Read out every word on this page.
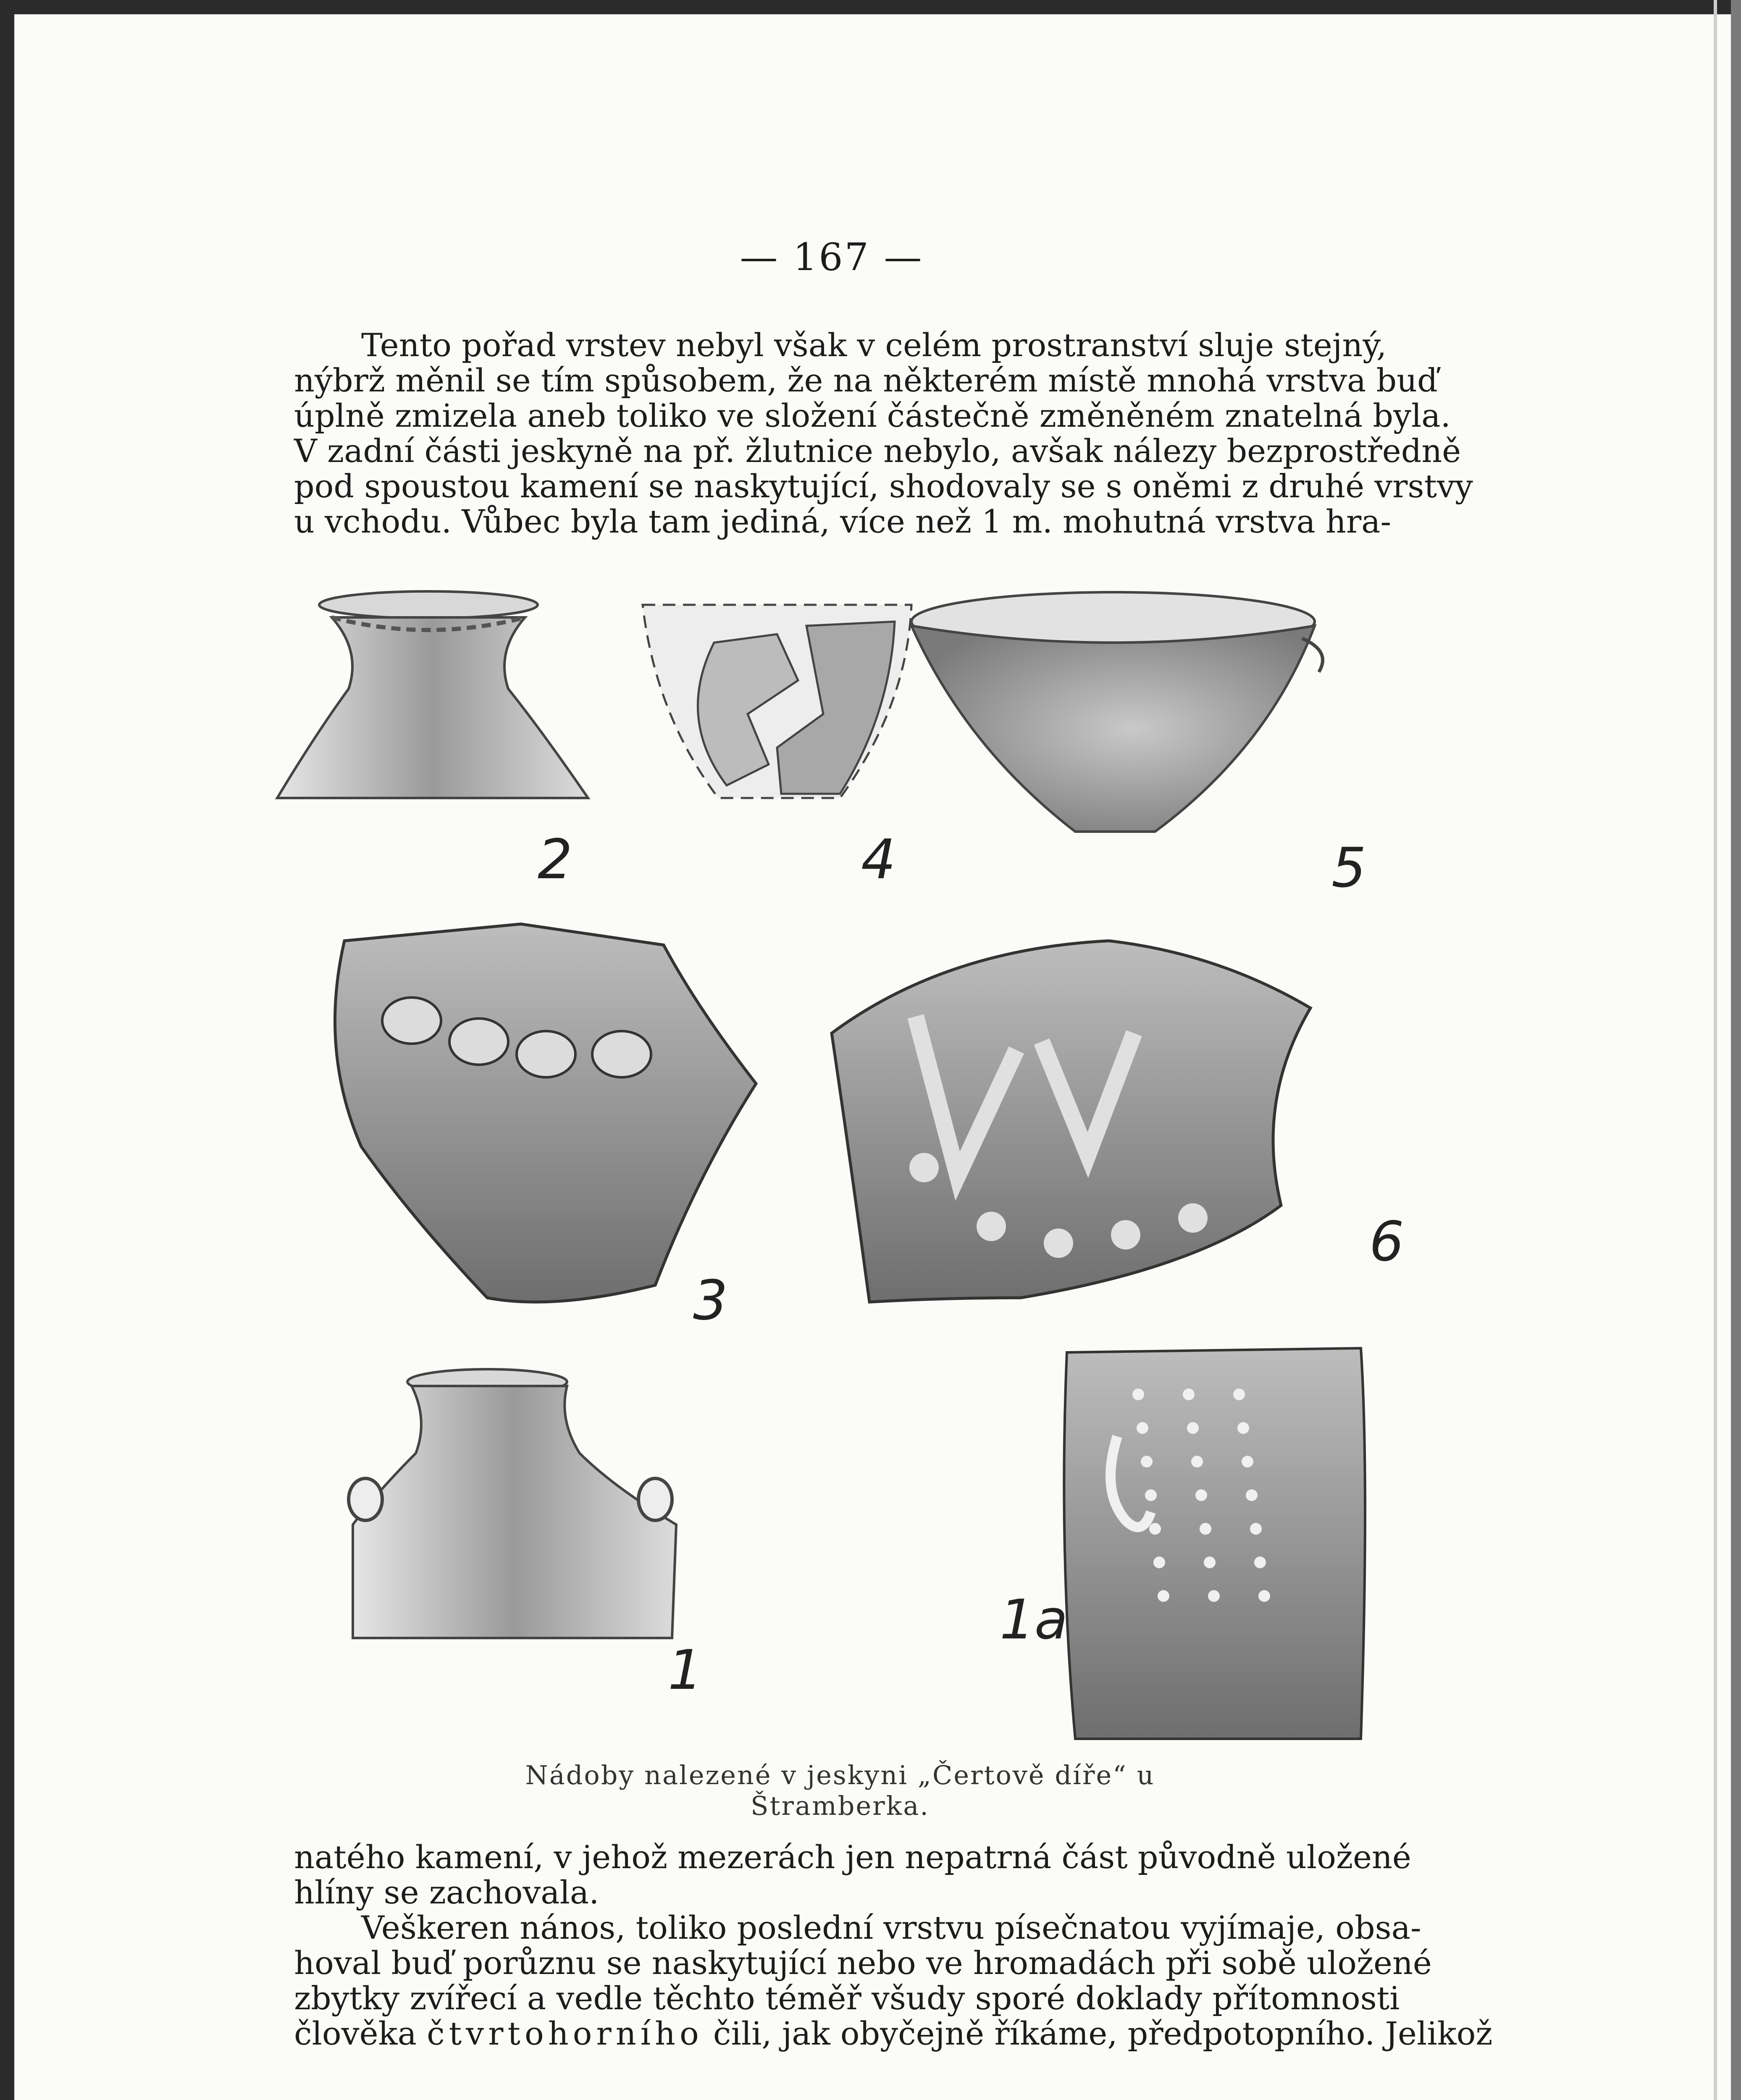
— 167 —
Tento pořad vrstev nebyl však v celém prostranství sluje stejný,
nýbrž měnil se tím spůsobem, že na některém místě mnohá vrstva buď
úplně zmizela aneb toliko ve složení částečně změněném znatelná byla.
V zadní části jeskyně na př. žlutnice nebylo, avšak nálezy bezprostředně
pod spoustou kamení se naskytující, shodovaly se s oněmi z druhé vrstvy
u vchodu. Vůbec byla tam jediná, více než 1 m. mohutná vrstva hra-
2	4	5
3
6
1
1a
Nádoby nalezené v jeskyni „Čertově díře“ u Štramberka.
natého kamení, v jehož mezerách jen nepatrná část původně uložené
hlíny se zachovala.
Veškeren nános, toliko poslední vrstvu písečnatou vyjímaje, obsa-
hoval buď porůznu se naskytující nebo ve hromadách při sobě uložené
zbytky zvířecí a vedle těchto téměř všudy sporé doklady přítomnosti
člověka čtvrtohorního čili, jak obyčejně říkáme, předpotopního. Jelikož
